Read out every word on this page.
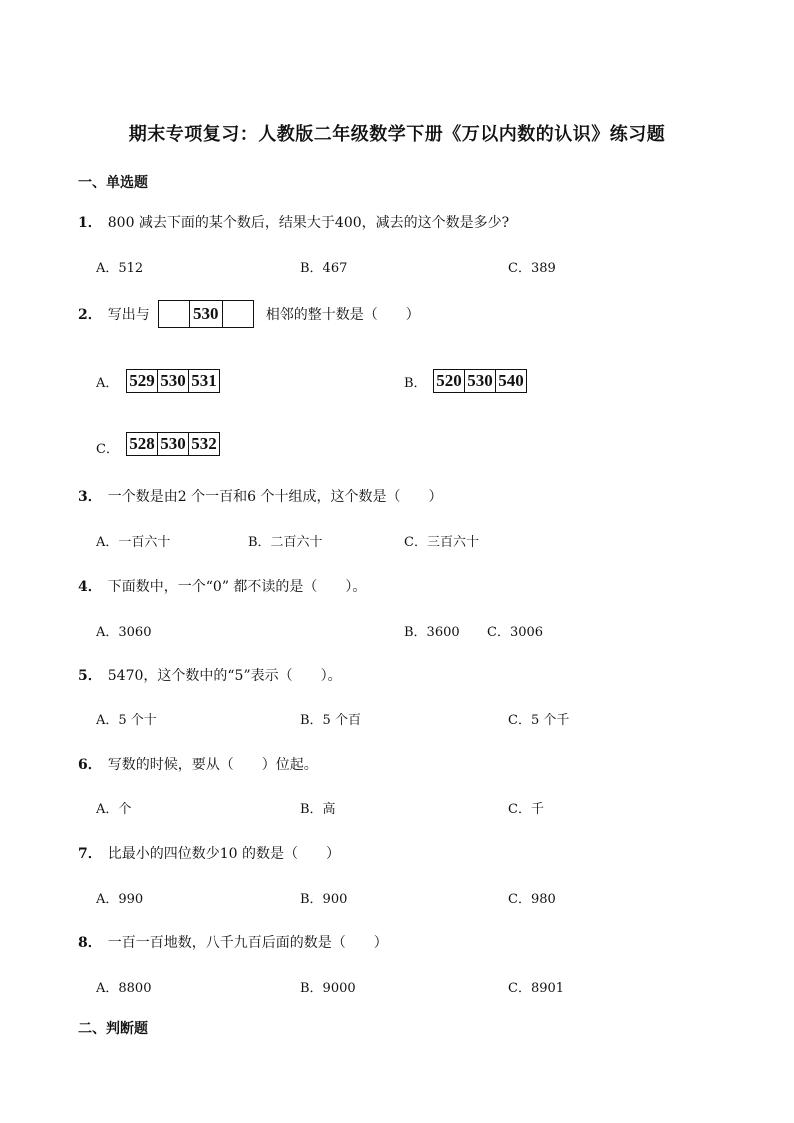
期末专项复习：人教版二年级数学下册《万以内数的认识》练习题
一、单选题
1． 800 减去下面的某个数后，结果大于400，减去的这个数是多少?
A．512	B．467	C．389
2． 写出与	530	相邻的整十数是（　　）
A． 529 530 531	B． 520 530 540
C． 528 530 532
3． 一个数是由2 个一百和6 个十组成，这个数是（　　）
A．一百六十	B．二百六十	C．三百六十
4． 下面数中，一个“0” 都不读的是（　　）。
A．3060	B．3600 C．3006
5． 5470，这个数中的“5”表示（　　）。
A．5 个十	B．5 个百	C．5 个千
6． 写数的时候，要从（　　）位起。
A．个	B．高	C．千
7． 比最小的四位数少10 的数是（　　）
A．990	B．900	C．980
8． 一百一百地数，八千九百后面的数是（　　）
A．8800	B．9000	C．8901
二、判断题
